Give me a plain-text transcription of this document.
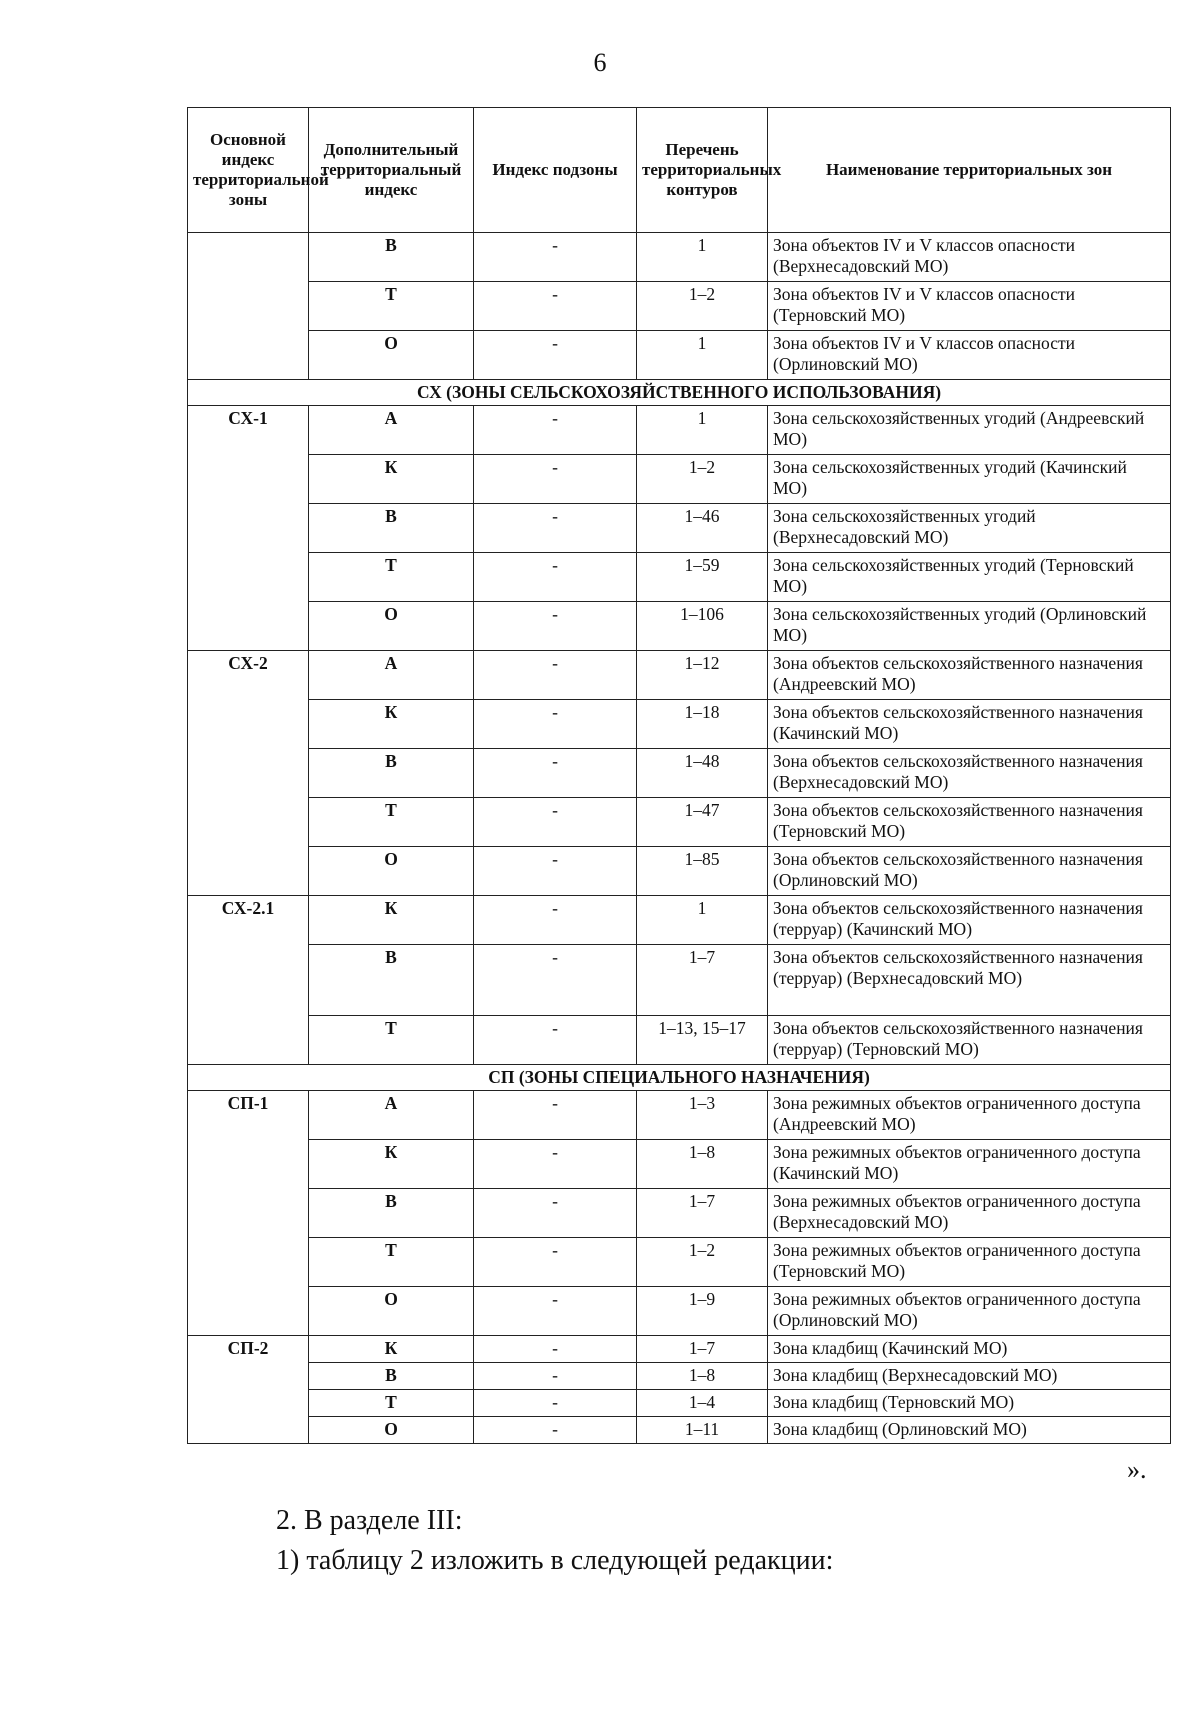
6
Основной индекс территориальной зоны	Дополнительный территориальный индекс	Индекс подзоны	Перечень территориальных контуров	Наименование территориальных зон
	В	-	1	Зона объектов IV и V классов опасности (Верхнесадовский МО)
	Т	-	1–2	Зона объектов IV и V классов опасности (Терновский МО)
	О	-	1	Зона объектов IV и V классов опасности (Орлиновский МО)
СХ (ЗОНЫ СЕЛЬСКОХОЗЯЙСТВЕННОГО ИСПОЛЬЗОВАНИЯ)				
СХ-1	А	-	1	Зона сельскохозяйственных угодий (Андреевский МО)
	К	-	1–2	Зона сельскохозяйственных угодий (Качинский МО)
	В	-	1–46	Зона сельскохозяйственных угодий (Верхнесадовский МО)
	Т	-	1–59	Зона сельскохозяйственных угодий (Терновский МО)
	О	-	1–106	Зона сельскохозяйственных угодий (Орлиновский МО)
СХ-2	А	-	1–12	Зона объектов сельскохозяйственного назначения (Андреевский МО)
	К	-	1–18	Зона объектов сельскохозяйственного назначения (Качинский МО)
	В	-	1–48	Зона объектов сельскохозяйственного назначения (Верхнесадовский МО)
	Т	-	1–47	Зона объектов сельскохозяйственного назначения (Терновский МО)
	О	-	1–85	Зона объектов сельскохозяйственного назначения (Орлиновский МО)
СХ-2.1	К	-	1	Зона объектов сельскохозяйственного назначения (терруар) (Качинский МО)
	В	-	1–7	Зона объектов сельскохозяйственного назначения (терруар) (Верхнесадовский МО)
	Т	-	1–13, 15–17	Зона объектов сельскохозяйственного назначения (терруар) (Терновский МО)
СП (ЗОНЫ СПЕЦИАЛЬНОГО НАЗНАЧЕНИЯ)				
СП-1	А	-	1–3	Зона режимных объектов ограниченного доступа (Андреевский МО)
	К	-	1–8	Зона режимных объектов ограниченного доступа (Качинский МО)
	В	-	1–7	Зона режимных объектов ограниченного доступа (Верхнесадовский МО)
	Т	-	1–2	Зона режимных объектов ограниченного доступа (Терновский МО)
	О	-	1–9	Зона режимных объектов ограниченного доступа (Орлиновский МО)
СП-2	К	-	1–7	Зона кладбищ (Качинский МО)
	В	-	1–8	Зона кладбищ (Верхнесадовский МО)
	Т	-	1–4	Зона кладбищ (Терновский МО)
	О	-	1–11	Зона кладбищ (Орлиновский МО)
».
2. В разделе III:
1) таблицу 2 изложить в следующей редакции:
